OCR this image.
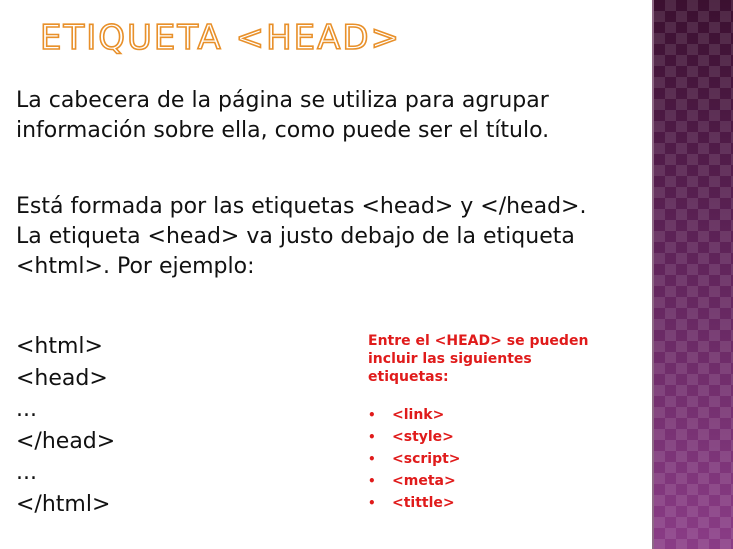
ETIQUETA <HEAD>
La cabecera de la página se utiliza para agrupar
información sobre ella, como puede ser el título.
Está formada por las etiquetas <head> y </head>.
La etiqueta <head> va justo debajo de la etiqueta
<html>. Por ejemplo:
<html>
<head>
...
</head>
...
</html>
Entre el <HEAD> se pueden
incluir las siguientes
etiquetas:
•	<link>
•	<style>
•	<script>
•	<meta>
•	<tittle>
